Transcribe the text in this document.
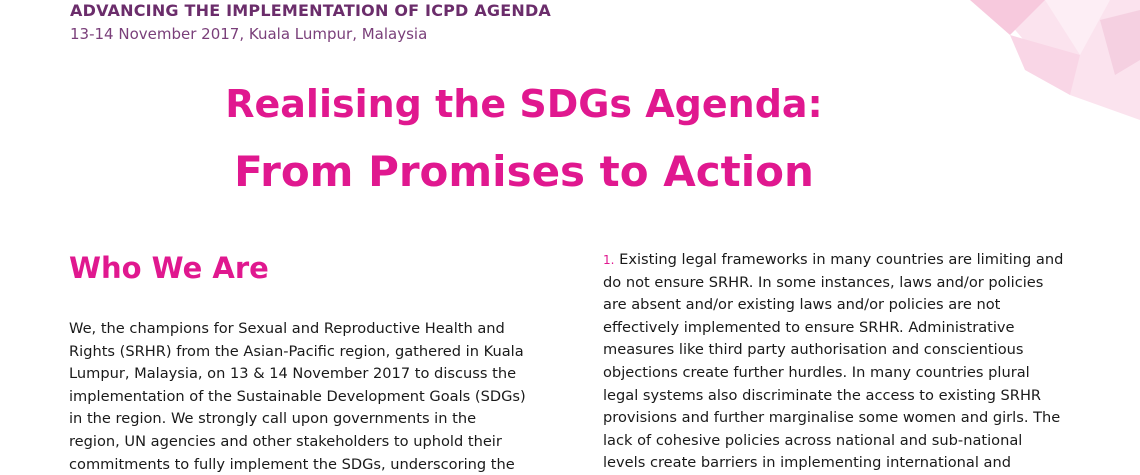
ADVANCING THE IMPLEMENTATION OF ICPD AGENDA
13-14 November 2017, Kuala Lumpur, Malaysia
Realising the SDGs Agenda:
From Promises to Action
Who We Are
We, the champions for Sexual and Reproductive Health and
Rights (SRHR) from the Asian-Pacific region, gathered in Kuala
Lumpur, Malaysia, on 13 & 14 November 2017 to discuss the
implementation of the Sustainable Development Goals (SDGs)
in the region. We strongly call upon governments in the
region, UN agencies and other stakeholders to uphold their
commitments to fully implement the SDGs, underscoring the
1. Existing legal frameworks in many countries are limiting and
do not ensure SRHR. In some instances, laws and/or policies
are absent and/or existing laws and/or policies are not
effectively implemented to ensure SRHR. Administrative
measures like third party authorisation and conscientious
objections create further hurdles. In many countries plural
legal systems also discriminate the access to existing SRHR
provisions and further marginalise some women and girls. The
lack of cohesive policies across national and sub-national
levels create barriers in implementing international and
